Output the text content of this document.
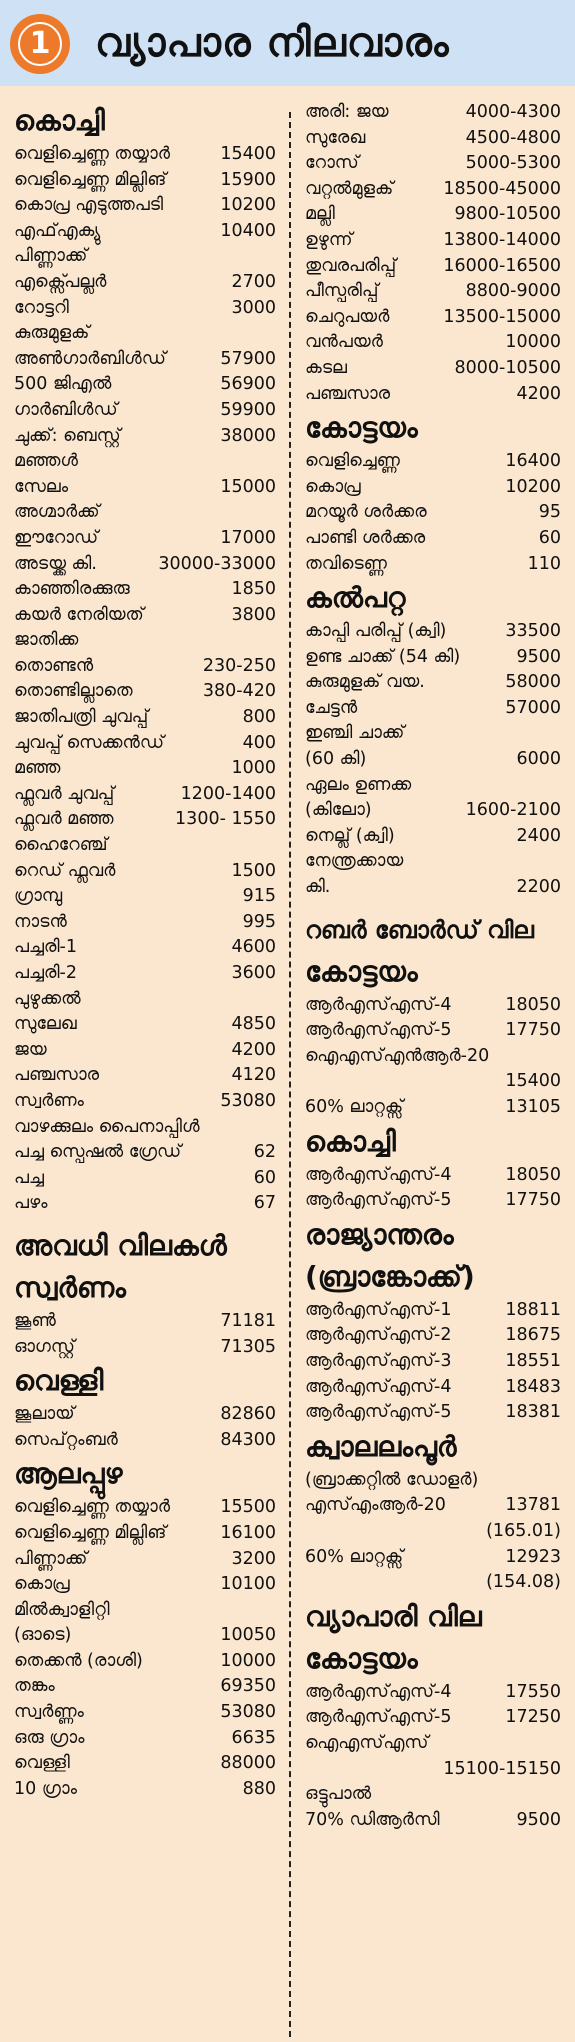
1 വ്യാപാര നിലവാരം
കൊച്ചി
വെളിച്ചെണ്ണ തയ്യാർ	15400
വെളിച്ചെണ്ണ മില്ലിങ്	15900
കൊപ്ര എടുത്തപടി	10200
എഫ്എക്യു	10400
പിണ്ണാക്ക്
എക്സ്പെല്ലർ	2700
റോട്ടറി	3000
കുരുമുളക്
അൺഗാർബിൾഡ്	57900
500 ജിഎൽ	56900
ഗാർബിൾഡ്	59900
ചുക്ക്: ബെസ്റ്റ്	38000
മഞ്ഞൾ
സേലം	15000
അഗ്മാർക്ക്
ഈറോഡ്	17000
അടയ്ക്ക കി.	30000-33000
കാഞ്ഞിരക്കുരു	1850
കയർ നേരിയത്	3800
ജാതിക്ക
തൊണ്ടൻ	230-250
തൊണ്ടില്ലാതെ	380-420
ജാതിപത്രി ചുവപ്പ്	800
ചുവപ്പ് സെക്കൻഡ്	400
മഞ്ഞ	1000
ഫ്ലവർ ചുവപ്പ്	1200-1400
ഫ്ലവർ മഞ്ഞ	1300- 1550
ഹൈറേഞ്ച്
റെഡ് ഫ്ലവർ	1500
ഗ്രാമ്പു	915
നാടൻ	995
പച്ചരി-1	4600
പച്ചരി-2	3600
പുഴുക്കൽ
സുലേഖ	4850
ജയ	4200
പഞ്ചസാര	4120
സ്വർണം	53080
വാഴക്കുലം പൈനാപ്പിൾ
പച്ച സ്പെഷൽ ഗ്രേഡ്	62
പച്ച	60
പഴം	67
അവധി വിലകൾ
സ്വർണം
ജൂൺ	71181
ഓഗസ്റ്റ്	71305
വെള്ളി
ജൂലായ്	82860
സെപ്റ്റംബർ	84300
ആലപ്പുഴ
വെളിച്ചെണ്ണ തയ്യാർ	15500
വെളിച്ചെണ്ണ മില്ലിങ്	16100
പിണ്ണാക്ക്	3200
കൊപ്ര	10100
മിൽക്വാളിറ്റി
(ഓടെ)	10050
തെക്കൻ (രാശി)	10000
തങ്കം	69350
സ്വർണ്ണം	53080
ഒരു ഗ്രാം	6635
വെള്ളി	88000
10 ഗ്രാം	880
അരി: ജയ	4000-4300
സുരേഖ	4500-4800
റോസ്	5000-5300
വറ്റൽമുളക്	18500-45000
മല്ലി	9800-10500
ഉഴുന്ന്	13800-14000
തുവരപരിപ്പ്	16000-16500
പീസ്പരിപ്പ്	8800-9000
ചെറുപയർ	13500-15000
വൻപയർ	10000
കടല	8000-10500
പഞ്ചസാര	4200
കോട്ടയം
വെളിച്ചെണ്ണ	16400
കൊപ്ര	10200
മറയൂർ ശർക്കര	95
പാണ്ടി ശർക്കര	60
തവിടെണ്ണ	110
കൽപറ്റ
കാപ്പി പരിപ്പ് (ക്വി)	33500
ഉണ്ട ചാക്ക് (54 കി)	9500
കുരുമുളക് വയ.	58000
ചേട്ടൻ	57000
ഇഞ്ചി ചാക്ക്
(60 കി)	6000
ഏലം ഉണക്ക
(കിലോ)	1600-2100
നെല്ല് (ക്വി)	2400
നേന്ത്രക്കായ
കി.	2200
റബർ ബോർഡ് വില
കോട്ടയം
ആർഎസ്എസ്-4	18050
ആർഎസ്എസ്-5	17750
ഐഎസ്എൻആർ-20
15400
60% ലാറ്റക്സ്	13105
കൊച്ചി
ആർഎസ്എസ്-4	18050
ആർഎസ്എസ്-5	17750
രാജ്യാന്തരം
(ബ്രാങ്കോക്ക്)
ആർഎസ്എസ്-1	18811
ആർഎസ്എസ്-2	18675
ആർഎസ്എസ്-3	18551
ആർഎസ്എസ്-4	18483
ആർഎസ്എസ്-5	18381
ക്വാലലംപൂർ
(ബ്രാക്കറ്റിൽ ഡോളർ)
എസ്എംആർ-20	13781
(165.01)
60% ലാറ്റക്സ്	12923
(154.08)
വ്യാപാരി വില
കോട്ടയം
ആർഎസ്എസ്-4	17550
ആർഎസ്എസ്-5	17250
ഐഎസ്എസ്
15100-15150
ഒട്ടുപാൽ
70% ഡിആർസി	9500
